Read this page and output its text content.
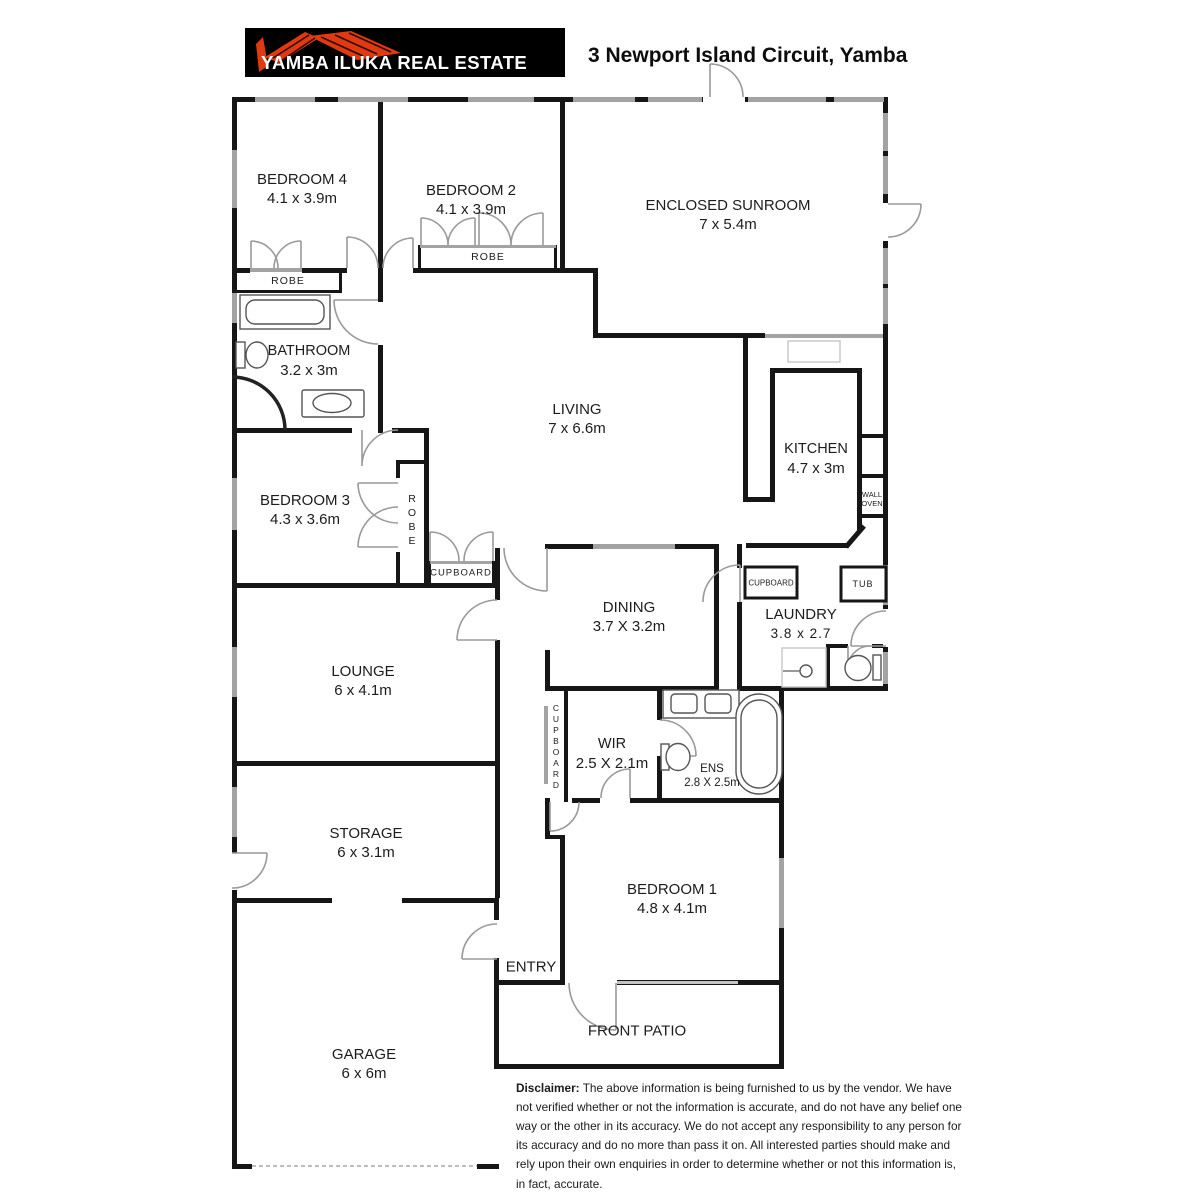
YAMBA ILUKA REAL ESTATE	3 Newport Island Circuit, Yamba
BEDROOM 4
4.1 x 3.9m	BEDROOM 2
4.1 x 3.9m	ENCLOSED SUNROOM
7 x 5.4m
BATHROOM
3.2 x 3m
LIVING
7 x 6.6m
KITCHEN
4.7 x 3m
BEDROOM 3
4.3 x 3.6m
DINING
3.7 X 3.2m
LAUNDRY
3.8 x 2.7
LOUNGE
6 x 4.1m
WIR
2.5 X 2.1m	ENS
2.8 X 2.5m
STORAGE
6 x 3.1m
BEDROOM 1
4.8 x 4.1m
ENTRY
FRONT PATIO
GARAGE
6 x 6m
ROBE
ROBE
ROBE
CUPBOARD
CUPBOARD
CUPBOARD	TUB
WALL OVEN
Disclaimer: The above information is being furnished to us by the vendor. We have not verified whether or not the information is accurate, and do not have any belief one way or the other in its accuracy. We do not accept any responsibility to any person for its accuracy and do no more than pass it on. All interested parties should make and rely upon their own enquiries in order to determine whether or not this information is, in fact, accurate.
